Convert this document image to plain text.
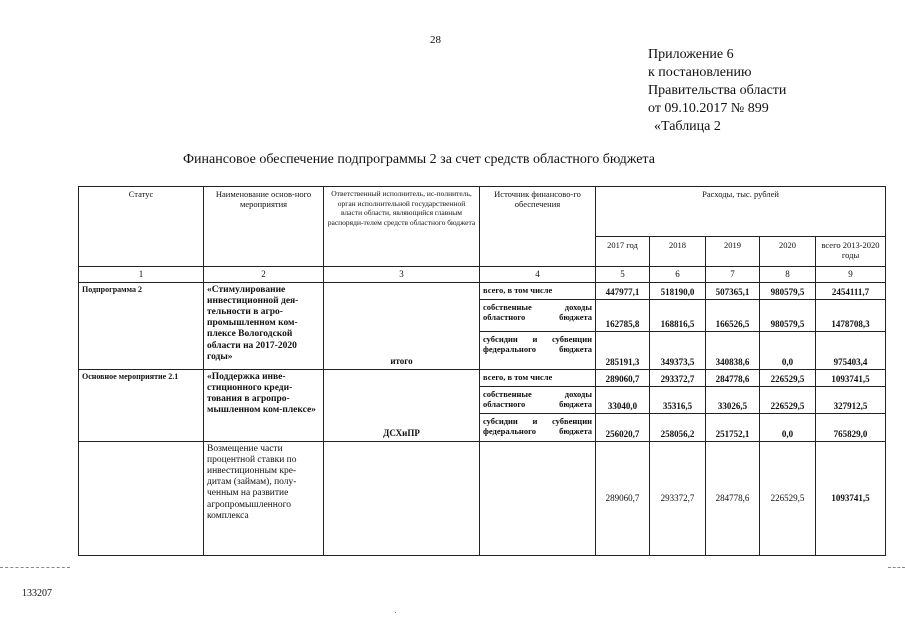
28
Приложение 6
к постановлению
Правительства области
от 09.10.2017 № 899
«Таблица 2
Финансовое обеспечение подпрограммы 2 за счет средств областного бюджета
Статус	Наименование основ-ного мероприятия	Ответственный исполнитель, ис-полнитель, орган исполнительной государственной власти области, являющийся главным распоряди-телем средств областного бюджета	Источник финансово-го обеспечения	Расходы, тыс. рублей				
				2017 год	2018	2019	2020	всего 2013-2020 годы
1	2	3	4	5	6	7	8	9
Подпрограмма 2	«Стимулирование инвестиционной дея-тельности в агро-промышленном ком-плексе Вологодской области на 2017-2020 годы»	итого	всего, в том числе	447977,1	518190,0	507365,1	980579,5	2454111,7
			собственные доходы областного бюджета	162785,8	168816,5	166526,5	980579,5	1478708,3
			субсидии и субвенции федерального бюджета	285191,3	349373,5	340838,6	0,0	975403,4
Основное мероприятие 2.1	«Поддержка инве-стиционного креди-тования в агропро-мышленном ком-плексе»	ДСХиПР	всего, в том числе	289060,7	293372,7	284778,6	226529,5	1093741,5
			собственные доходы областного бюджета	33040,0	35316,5	33026,5	226529,5	327912,5
			субсидии и субвенции федерального бюджета	256020,7	258056,2	251752,1	0,0	765829,0
	Возмещение части процентной ставки по инвестиционным кре-дитам (займам), полу-ченным на развитие агропромышленного комплекса			289060,7	293372,7	284778,6	226529,5	1093741,5
133207
